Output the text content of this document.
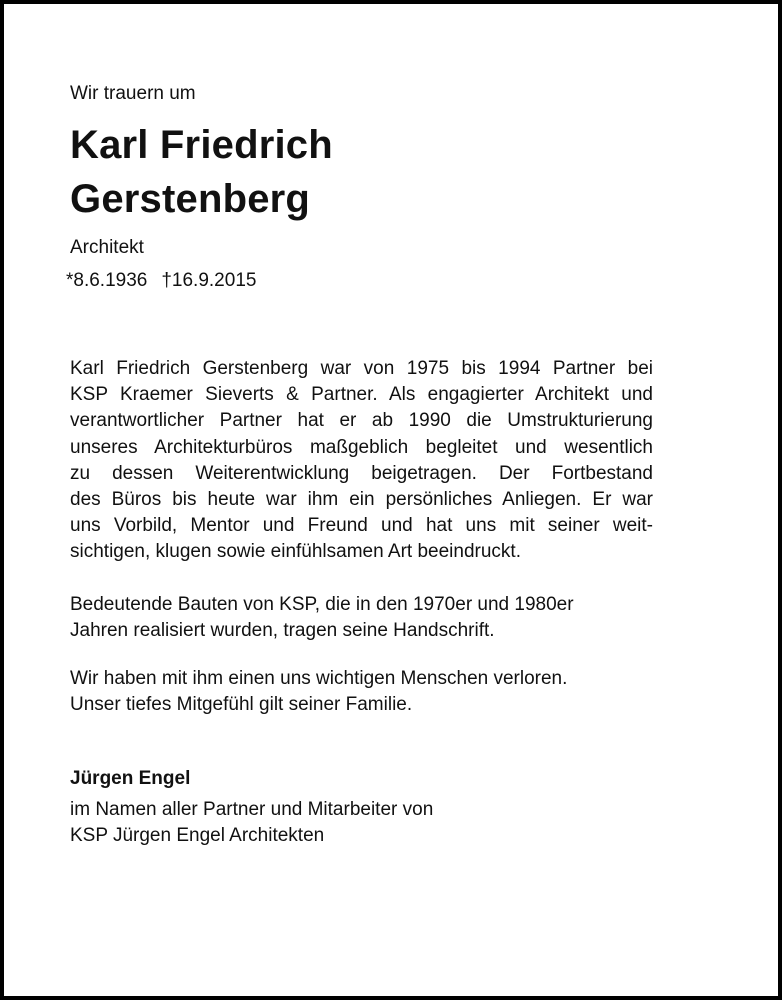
Wir trauern um
Karl Friedrich
Gerstenberg
Architekt
*8.6.1936 †16.9.2015
Karl Friedrich Gerstenberg war von 1975 bis 1994 Partner bei
KSP Kraemer Sieverts & Partner. Als engagierter Architekt und
verantwortlicher Partner hat er ab 1990 die Umstrukturierung
unseres Architekturbüros maßgeblich begleitet und wesentlich
zu dessen Weiterentwicklung beigetragen. Der Fortbestand
des Büros bis heute war ihm ein persönliches Anliegen. Er war
uns Vorbild, Mentor und Freund und hat uns mit seiner weit-
sichtigen, klugen sowie einfühlsamen Art beeindruckt.
Bedeutende Bauten von KSP, die in den 1970er und 1980er
Jahren realisiert wurden, tragen seine Handschrift.
Wir haben mit ihm einen uns wichtigen Menschen verloren.
Unser tiefes Mitgefühl gilt seiner Familie.
Jürgen Engel
im Namen aller Partner und Mitarbeiter von
KSP Jürgen Engel Architekten
